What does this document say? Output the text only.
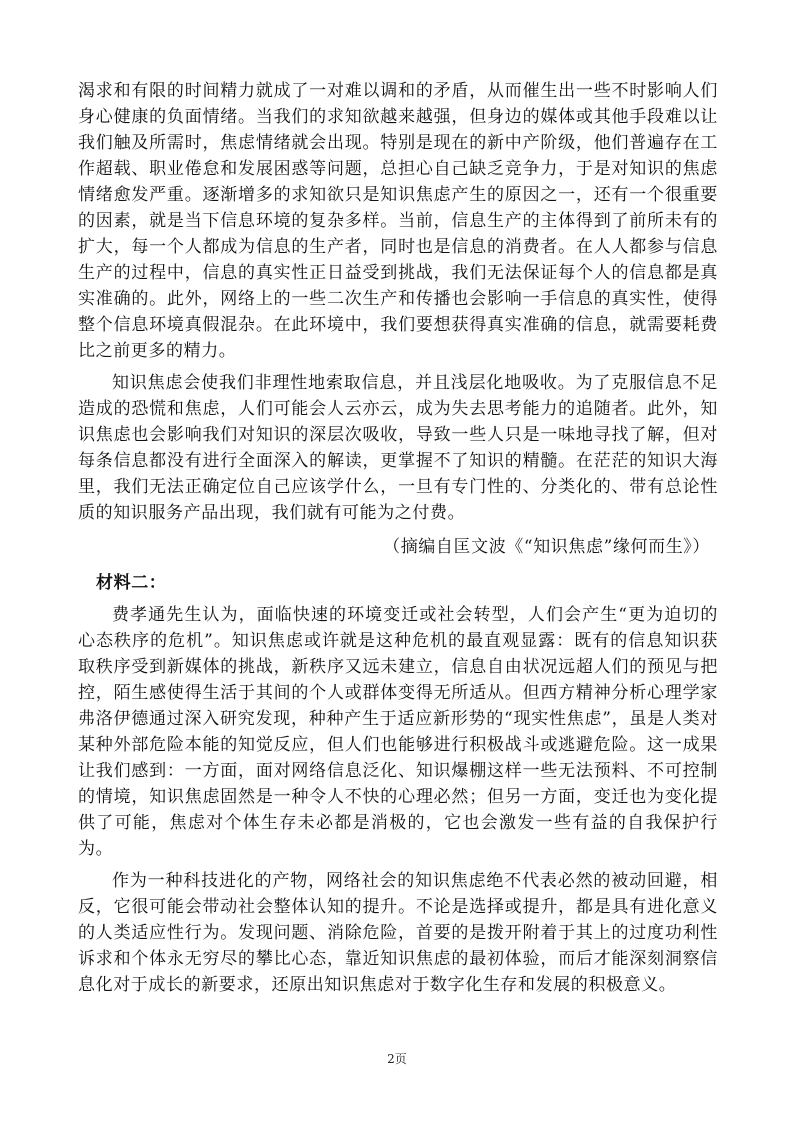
渴求和有限的时间精力就成了一对难以调和的矛盾，从而催生出一些不时影响人们身心健康的负面情绪。当我们的求知欲越来越强，但身边的媒体或其他手段难以让我们触及所需时，焦虑情绪就会出现。特别是现在的新中产阶级，他们普遍存在工作超载、职业倦怠和发展困惑等问题，总担心自己缺乏竞争力，于是对知识的焦虑情绪愈发严重。逐渐增多的求知欲只是知识焦虑产生的原因之一，还有一个很重要的因素，就是当下信息环境的复杂多样。当前，信息生产的主体得到了前所未有的扩大，每一个人都成为信息的生产者，同时也是信息的消费者。在人人都参与信息生产的过程中，信息的真实性正日益受到挑战，我们无法保证每个人的信息都是真实准确的。此外，网络上的一些二次生产和传播也会影响一手信息的真实性，使得整个信息环境真假混杂。在此环境中，我们要想获得真实准确的信息，就需要耗费比之前更多的精力。

知识焦虑会使我们非理性地索取信息，并且浅层化地吸收。为了克服信息不足造成的恐慌和焦虑，人们可能会人云亦云，成为失去思考能力的追随者。此外，知识焦虑也会影响我们对知识的深层次吸收，导致一些人只是一味地寻找了解，但对每条信息都没有进行全面深入的解读，更掌握不了知识的精髓。在茫茫的知识大海里，我们无法正确定位自己应该学什么，一旦有专门性的、分类化的、带有总论性质的知识服务产品出现，我们就有可能为之付费。

（摘编自匡文波《“知识焦虑”缘何而生》）

材料二：

费孝通先生认为，面临快速的环境变迁或社会转型，人们会产生“更为迫切的心态秩序的危机”。知识焦虑或许就是这种危机的最直观显露：既有的信息知识获取秩序受到新媒体的挑战，新秩序又远未建立，信息自由状况远超人们的预见与把控，陌生感使得生活于其间的个人或群体变得无所适从。但西方精神分析心理学家弗洛伊德通过深入研究发现，种种产生于适应新形势的“现实性焦虑”，虽是人类对某种外部危险本能的知觉反应，但人们也能够进行积极战斗或逃避危险。这一成果让我们感到：一方面，面对网络信息泛化、知识爆棚这样一些无法预料、不可控制的情境，知识焦虑固然是一种令人不快的心理必然；但另一方面，变迁也为变化提供了可能，焦虑对个体生存未必都是消极的，它也会激发一些有益的自我保护行为。

作为一种科技进化的产物，网络社会的知识焦虑绝不代表必然的被动回避，相反，它很可能会带动社会整体认知的提升。不论是选择或提升，都是具有进化意义的人类适应性行为。发现问题、消除危险，首要的是拨开附着于其上的过度功利性诉求和个体永无穷尽的攀比心态，靠近知识焦虑的最初体验，而后才能深刻洞察信息化对于成长的新要求，还原出知识焦虑对于数字化生存和发展的积极意义。

2页
